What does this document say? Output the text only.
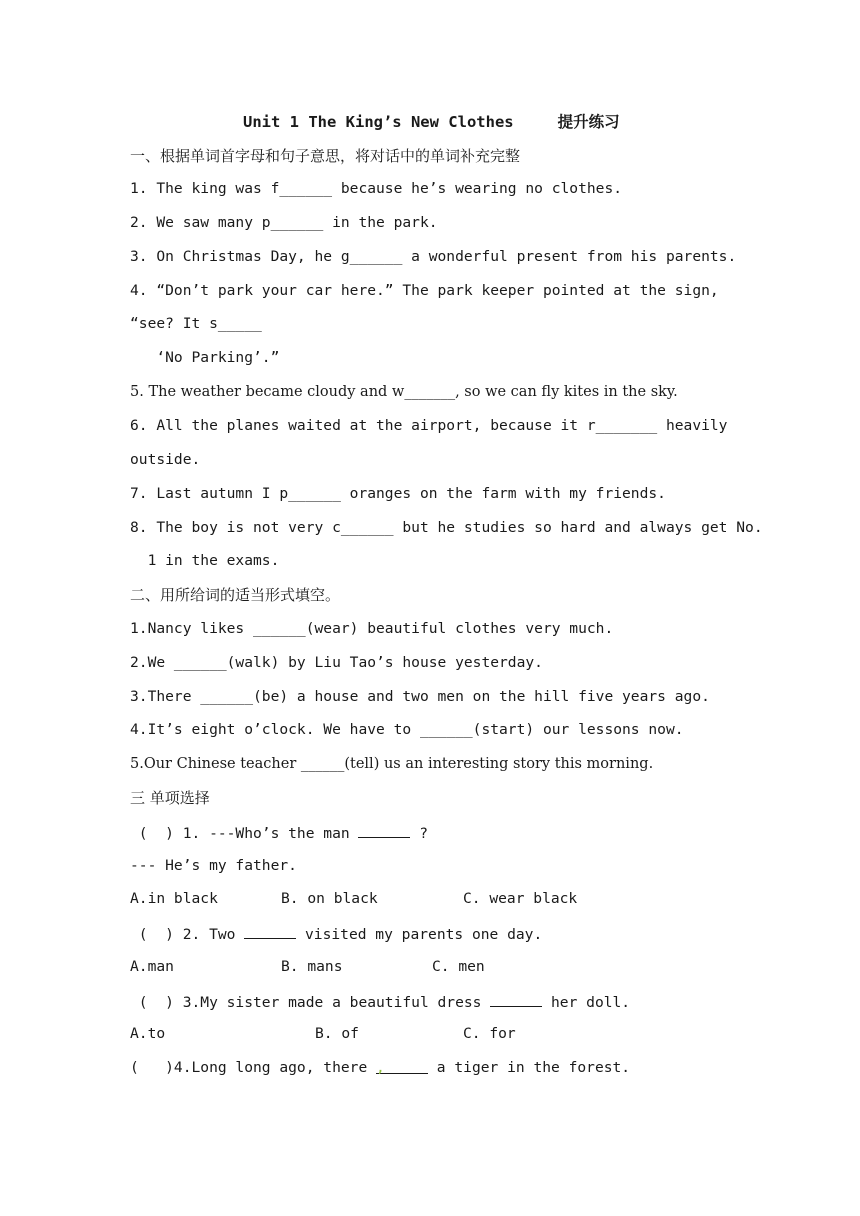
Unit 1 The King’s New Clothes	提升练习
一、根据单词首字母和句子意思，将对话中的单词补充完整
1. The king was f______ because he’s wearing no clothes.
2. We saw many p______ in the park.
3. On Christmas Day, he g______ a wonderful present from his parents.
4. “Don’t park your car here.” The park keeper pointed at the sign,
“see? It s_____
‘No Parking’.”
5. The weather became cloudy and w_______, so we can fly kites in the sky.
6. All the planes waited at the airport, because it r_______ heavily
outside.
7. Last autumn I p______ oranges on the farm with my friends.
8. The boy is not very c______ but he studies so hard and always get No.
1 in the exams.
二、用所给词的适当形式填空。
1.Nancy likes ______(wear) beautiful clothes very much.
2.We ______(walk) by Liu Tao’s house yesterday.
3.There ______(be) a house and two men on the hill five years ago.
4.It’s eight o’clock. We have to ______(start) our lessons now.
5.Our Chinese teacher ______(tell) us an interesting story this morning.
三 单项选择
(  ) 1. ---Who’s the man	?
--- He’s my father.
A.in black	B. on black	C. wear black
(  ) 2. Two	visited my parents one day.
A.man	B. mans	C. men
(  ) 3.My sister made a beautiful dress	her doll.
A.to	B. of	C. for
(   )4.Long long ago, there ,	a tiger in the forest.
